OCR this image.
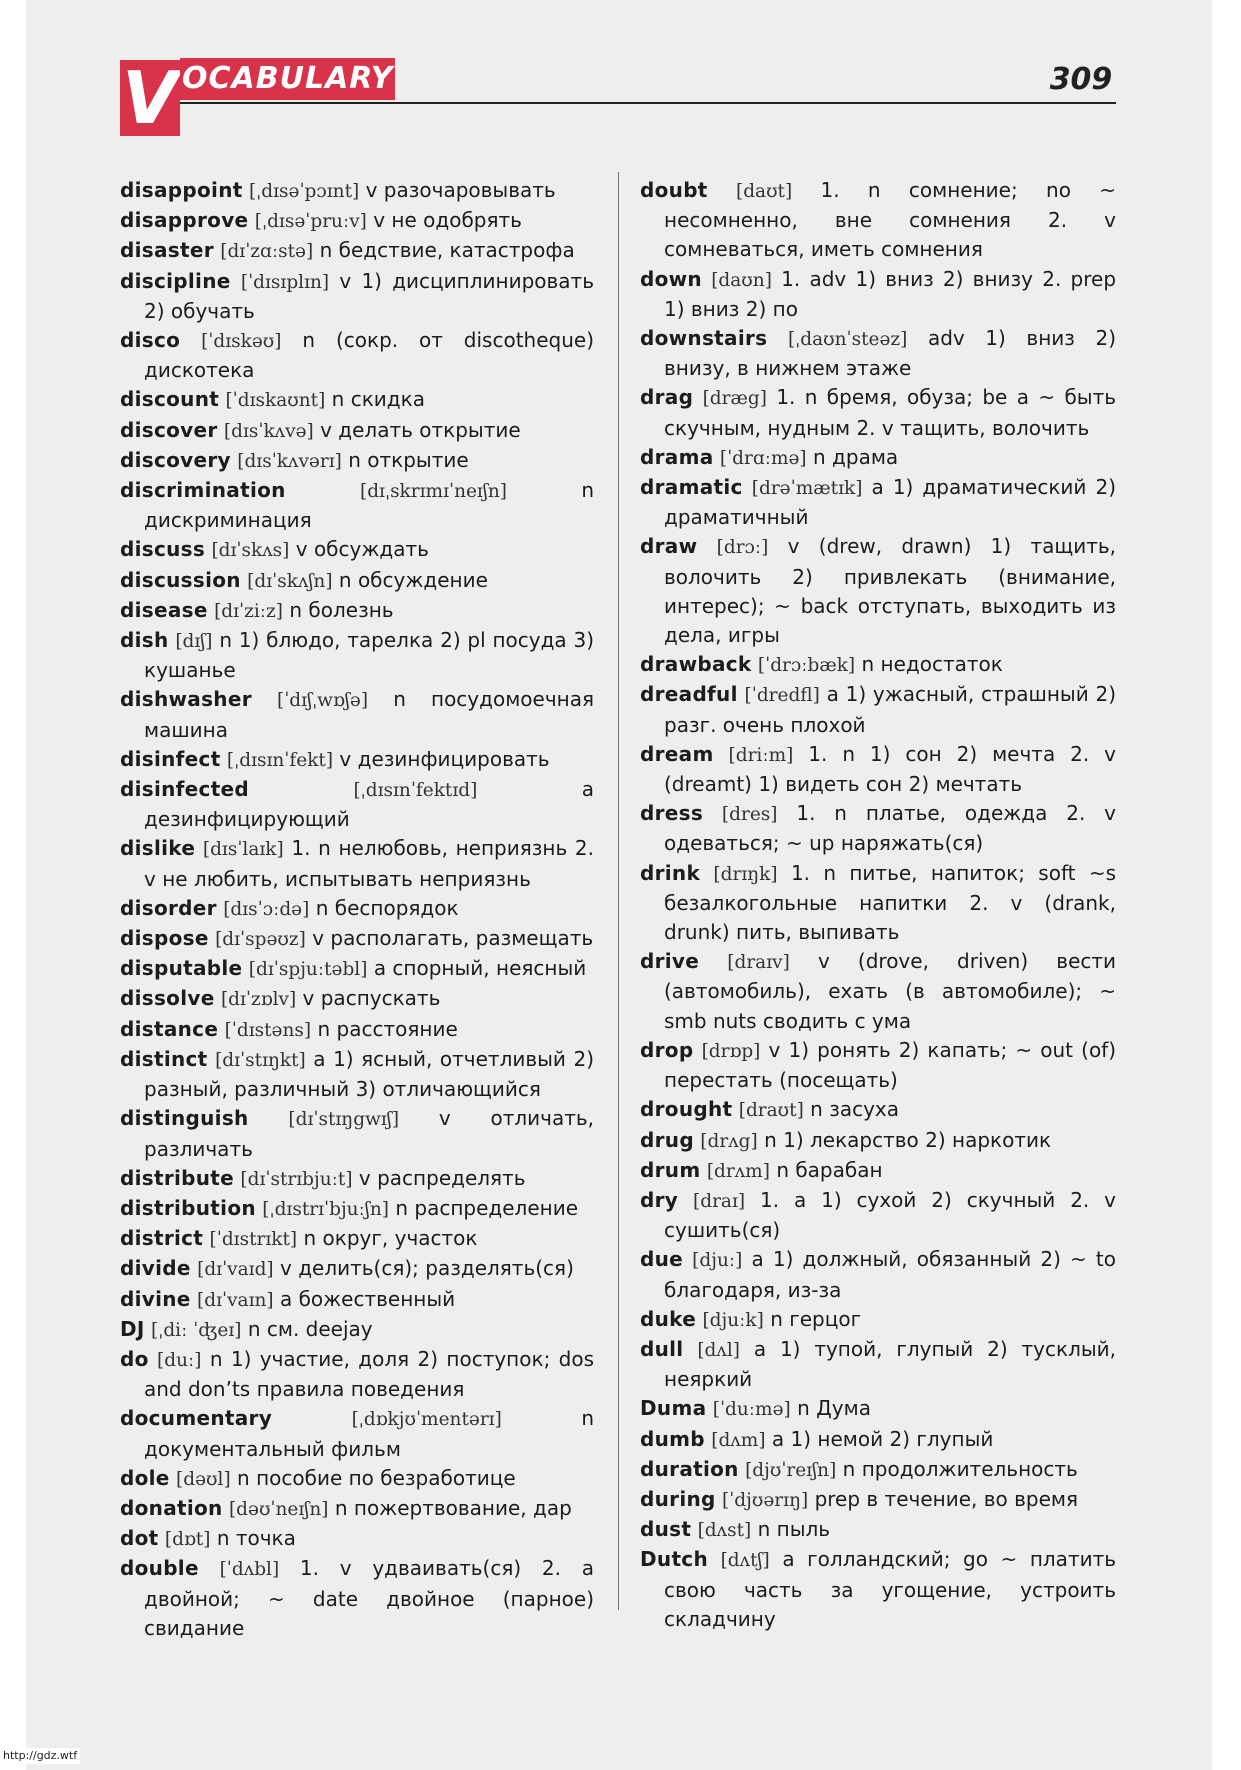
V OCABULARY	309

disappoint [ˌdɪsəˈpɔɪnt] v разочаровывать

disapprove [ˌdɪsəˈpruːv] v не одобрять

disaster [dɪˈzɑːstə] n бедствие, катастрофа

discipline [ˈdɪsɪplɪn] v 1) дисциплинировать 2) обучать

disco [ˈdɪskəʊ] n (сокр. от discotheque) дискотека

discount [ˈdɪskaʊnt] n скидка

discover [dɪsˈkʌvə] v делать открытие

discovery [dɪsˈkʌvərɪ] n открытие

discrimination	[dɪˌskrɪmɪˈneɪʃn]	n дискриминация

discuss [dɪˈskʌs] v обсуждать

discussion [dɪˈskʌʃn] n обсуждение

disease [dɪˈziːz] n болезнь

dish [dɪʃ] n 1) блюдо, тарелка 2) pl посуда 3) кушанье

dishwasher [ˈdɪʃˌwɒʃə] n посудомоечная машина

disinfect [ˌdɪsɪnˈfekt] v дезинфицировать

disinfected	[ˌdɪsɪnˈfektɪd]	a дезинфицирующий

dislike [dɪsˈlaɪk] 1. n нелюбовь, неприязнь 2. v не любить, испытывать неприязнь

disorder [dɪsˈɔːdə] n беспорядок

dispose [dɪˈspəʊz] v располагать, размещать

disputable [dɪˈspjuːtəbl] a спорный, неясный

dissolve [dɪˈzɒlv] v распускать

distance [ˈdɪstəns] n расстояние

distinct [dɪˈstɪŋkt] a 1) ясный, отчетливый 2) разный, различный 3) отличающийся

distinguish [dɪˈstɪŋgwɪʃ] v отличать, различать

distribute [dɪˈstrɪbjuːt] v распределять

distribution [ˌdɪstrɪˈbjuːʃn] n распределение

district [ˈdɪstrɪkt] n округ, участок

divide [dɪˈvaɪd] v делить(ся); разделять(ся)

divine [dɪˈvaɪn] a божественный

DJ [ˌdiː ˈʤeɪ] n см. deejay

do [duː] n 1) участие, доля 2) поступок; dos and don’ts правила поведения

documentary	[ˌdɒkjʊˈmentərɪ]	n документальный фильм

dole [dəʊl] n пособие по безработице

donation [dəʊˈneɪʃn] n пожертвование, дар

dot [dɒt] n точка

double [ˈdʌbl] 1. v удваивать(ся) 2. a двойной; ~ date двойное (парное) свидание

doubt [daʊt] 1. n сомнение; no ~ несомненно, вне сомнения 2. v сомневаться, иметь сомнения

down [daʊn] 1. adv 1) вниз 2) внизу 2. prep 1) вниз 2) по

downstairs [ˌdaʊnˈsteəz] adv 1) вниз 2) внизу, в нижнем этаже

drag [dræg] 1. n бремя, обуза; be a ~ быть скучным, нудным 2. v тащить, волочить

drama [ˈdrɑːmə] n драма

dramatic [drəˈmætɪk] a 1) драматический 2) драматичный

draw [drɔː] v (drew, drawn) 1) тащить, волочить 2) привлекать (внимание, интерес); ~ back отступать, выходить из дела, игры

drawback [ˈdrɔːbæk] n недостаток

dreadful [ˈdredfl] a 1) ужасный, страшный 2) разг. очень плохой

dream [driːm] 1. n 1) сон 2) мечта 2. v (dreamt) 1) видеть сон 2) мечтать

dress [dres] 1. n платье, одежда 2. v одеваться; ~ up наряжать(ся)

drink [drɪŋk] 1. n питье, напиток; soft ~s безалкогольные напитки 2. v (drank, drunk) пить, выпивать

drive [draɪv] v (drove, driven) вести (автомобиль), ехать (в автомобиле); ~ smb nuts сводить с ума

drop [drɒp] v 1) ронять 2) капать; ~ out (of) перестать (посещать)

drought [draʊt] n засуха

drug [drʌg] n 1) лекарство 2) наркотик

drum [drʌm] n барабан

dry [draɪ] 1. a 1) сухой 2) скучный 2. v сушить(ся)

due [djuː] a 1) должный, обязанный 2) ~ to благодаря, из-за

duke [djuːk] n герцог

dull [dʌl] a 1) тупой, глупый 2) тусклый, неяркий

Duma [ˈduːmə] n Дума

dumb [dʌm] a 1) немой 2) глупый

duration [djʊˈreɪʃn] n продолжительность

during [ˈdjʊərɪŋ] prep в течение, во время

dust [dʌst] n пыль

Dutch [dʌtʃ] a голландский; go ~ платить свою часть за угощение, устроить складчину

http://gdz.wtf
